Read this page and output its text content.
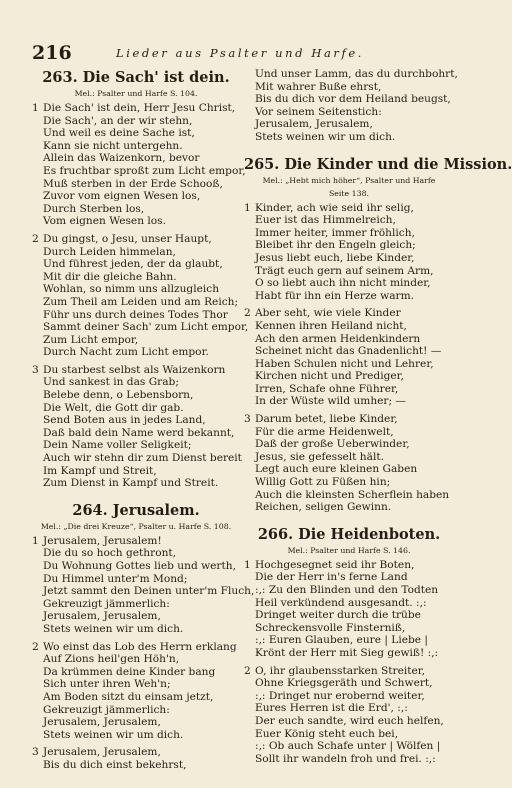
216	Lieder aus Psalter und Harfe.
263. Die Sach' ist dein.
Mel.: Psalter und Harfe S. 104.
1 Die Sach' ist dein, Herr Jesu Christ,
Die Sach', an der wir stehn,
Und weil es deine Sache ist,
Kann sie nicht untergehn.
Allein das Waizenkorn, bevor
Es fruchtbar sproßt zum Licht empor,
Muß sterben in der Erde Schooß,
Zuvor vom eignen Wesen los,
Durch Sterben los,
Vom eignen Wesen los.
2 Du gingst, o Jesu, unser Haupt,
Durch Leiden himmelan,
Und führest jeden, der da glaubt,
Mit dir die gleiche Bahn.
Wohlan, so nimm uns allzugleich
Zum Theil am Leiden und am Reich;
Führ uns durch deines Todes Thor
Sammt deiner Sach' zum Licht empor,
Zum Licht empor,
Durch Nacht zum Licht empor.
3 Du starbest selbst als Waizenkorn
Und sankest in das Grab;
Belebe denn, o Lebensborn,
Die Welt, die Gott dir gab.
Send Boten aus in jedes Land,
Daß bald dein Name werd bekannt,
Dein Name voller Seligkeit;
Auch wir stehn dir zum Dienst bereit
Im Kampf und Streit,
Zum Dienst in Kampf und Streit.
264. Jerusalem.
Mel.: „Die drei Kreuze“, Psalter u. Harfe S. 108.
1 Jerusalem, Jerusalem!
Die du so hoch gethront,
Du Wohnung Gottes lieb und werth,
Du Himmel unter'm Mond;
Jetzt sammt den Deinen unter'm Fluch,
Gekreuzigt jämmerlich:
Jerusalem, Jerusalem,
Stets weinen wir um dich.
2 Wo einst das Lob des Herrn erklang
Auf Zions heil'gen Höh'n,
Da krümmen deine Kinder bang
Sich unter ihren Weh'n;
Am Boden sitzt du einsam jetzt,
Gekreuzigt jämmerlich:
Jerusalem, Jerusalem,
Stets weinen wir um dich.
3 Jerusalem, Jerusalem,
Bis du dich einst bekehrst,
Und unser Lamm, das du durchbohrt,
Mit wahrer Buße ehrst,
Bis du dich vor dem Heiland beugst,
Vor seinem Seitenstich:
Jerusalem, Jerusalem,
Stets weinen wir um dich.
265. Die Kinder und die Mission.
Mel.: „Hebt mich höher“, Psalter und Harfe
Seite 138.
1 Kinder, ach wie seid ihr selig,
Euer ist das Himmelreich,
Immer heiter, immer fröhlich,
Bleibet ihr den Engeln gleich;
Jesus liebt euch, liebe Kinder,
Trägt euch gern auf seinem Arm,
O so liebt auch ihn nicht minder,
Habt für ihn ein Herze warm.
2 Aber seht, wie viele Kinder
Kennen ihren Heiland nicht,
Ach den armen Heidenkindern
Scheinet nicht das Gnadenlicht! —
Haben Schulen nicht und Lehrer,
Kirchen nicht und Prediger,
Irren, Schafe ohne Führer,
In der Wüste wild umher; —
3 Darum betet, liebe Kinder,
Für die arme Heidenwelt,
Daß der große Ueberwinder,
Jesus, sie gefesselt hält.
Legt auch eure kleinen Gaben
Willig Gott zu Füßen hin;
Auch die kleinsten Scherflein haben
Reichen, seligen Gewinn.
266. Die Heidenboten.
Mel.: Psalter und Harfe S. 146.
1 Hochgesegnet seid ihr Boten,
Die der Herr in's ferne Land
:,: Zu den Blinden und den Todten
Heil verkündend ausgesandt. :,:
Dringet weiter durch die trübe
Schreckensvolle Finsterniß,
:,: Euren Glauben, eure | Liebe |
Krönt der Herr mit Sieg gewiß! :,:
2 O, ihr glaubensstarken Streiter,
Ohne Kriegsgeräth und Schwert,
:,: Dringet nur erobernd weiter,
Eures Herren ist die Erd', :,:
Der euch sandte, wird euch helfen,
Euer König steht euch bei,
:,: Ob auch Schafe unter | Wölfen |
Sollt ihr wandeln froh und frei. :,:
